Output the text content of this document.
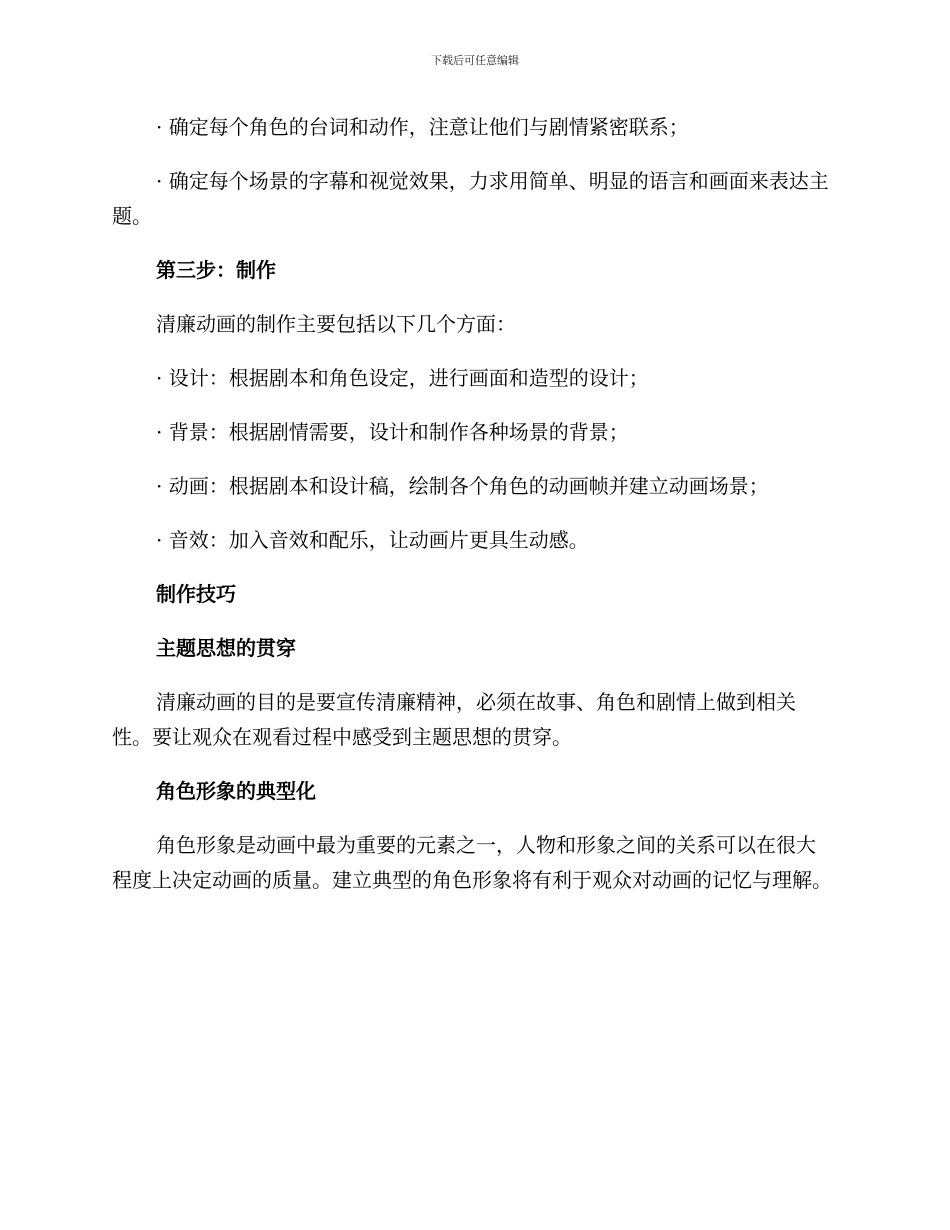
下载后可任意编辑

· 确定每个角色的台词和动作，注意让他们与剧情紧密联系；

· 确定每个场景的字幕和视觉效果，力求用简单、明显的语言和画面来表达主题。

第三步：制作

清廉动画的制作主要包括以下几个方面：

· 设计：根据剧本和角色设定，进行画面和造型的设计；

· 背景：根据剧情需要，设计和制作各种场景的背景；

· 动画：根据剧本和设计稿，绘制各个角色的动画帧并建立动画场景；

· 音效：加入音效和配乐，让动画片更具生动感。

制作技巧

主题思想的贯穿

清廉动画的目的是要宣传清廉精神，必须在故事、角色和剧情上做到相关性。要让观众在观看过程中感受到主题思想的贯穿。

角色形象的典型化

角色形象是动画中最为重要的元素之一，人物和形象之间的关系可以在很大程度上决定动画的质量。建立典型的角色形象将有利于观众对动画的记忆与理解。
